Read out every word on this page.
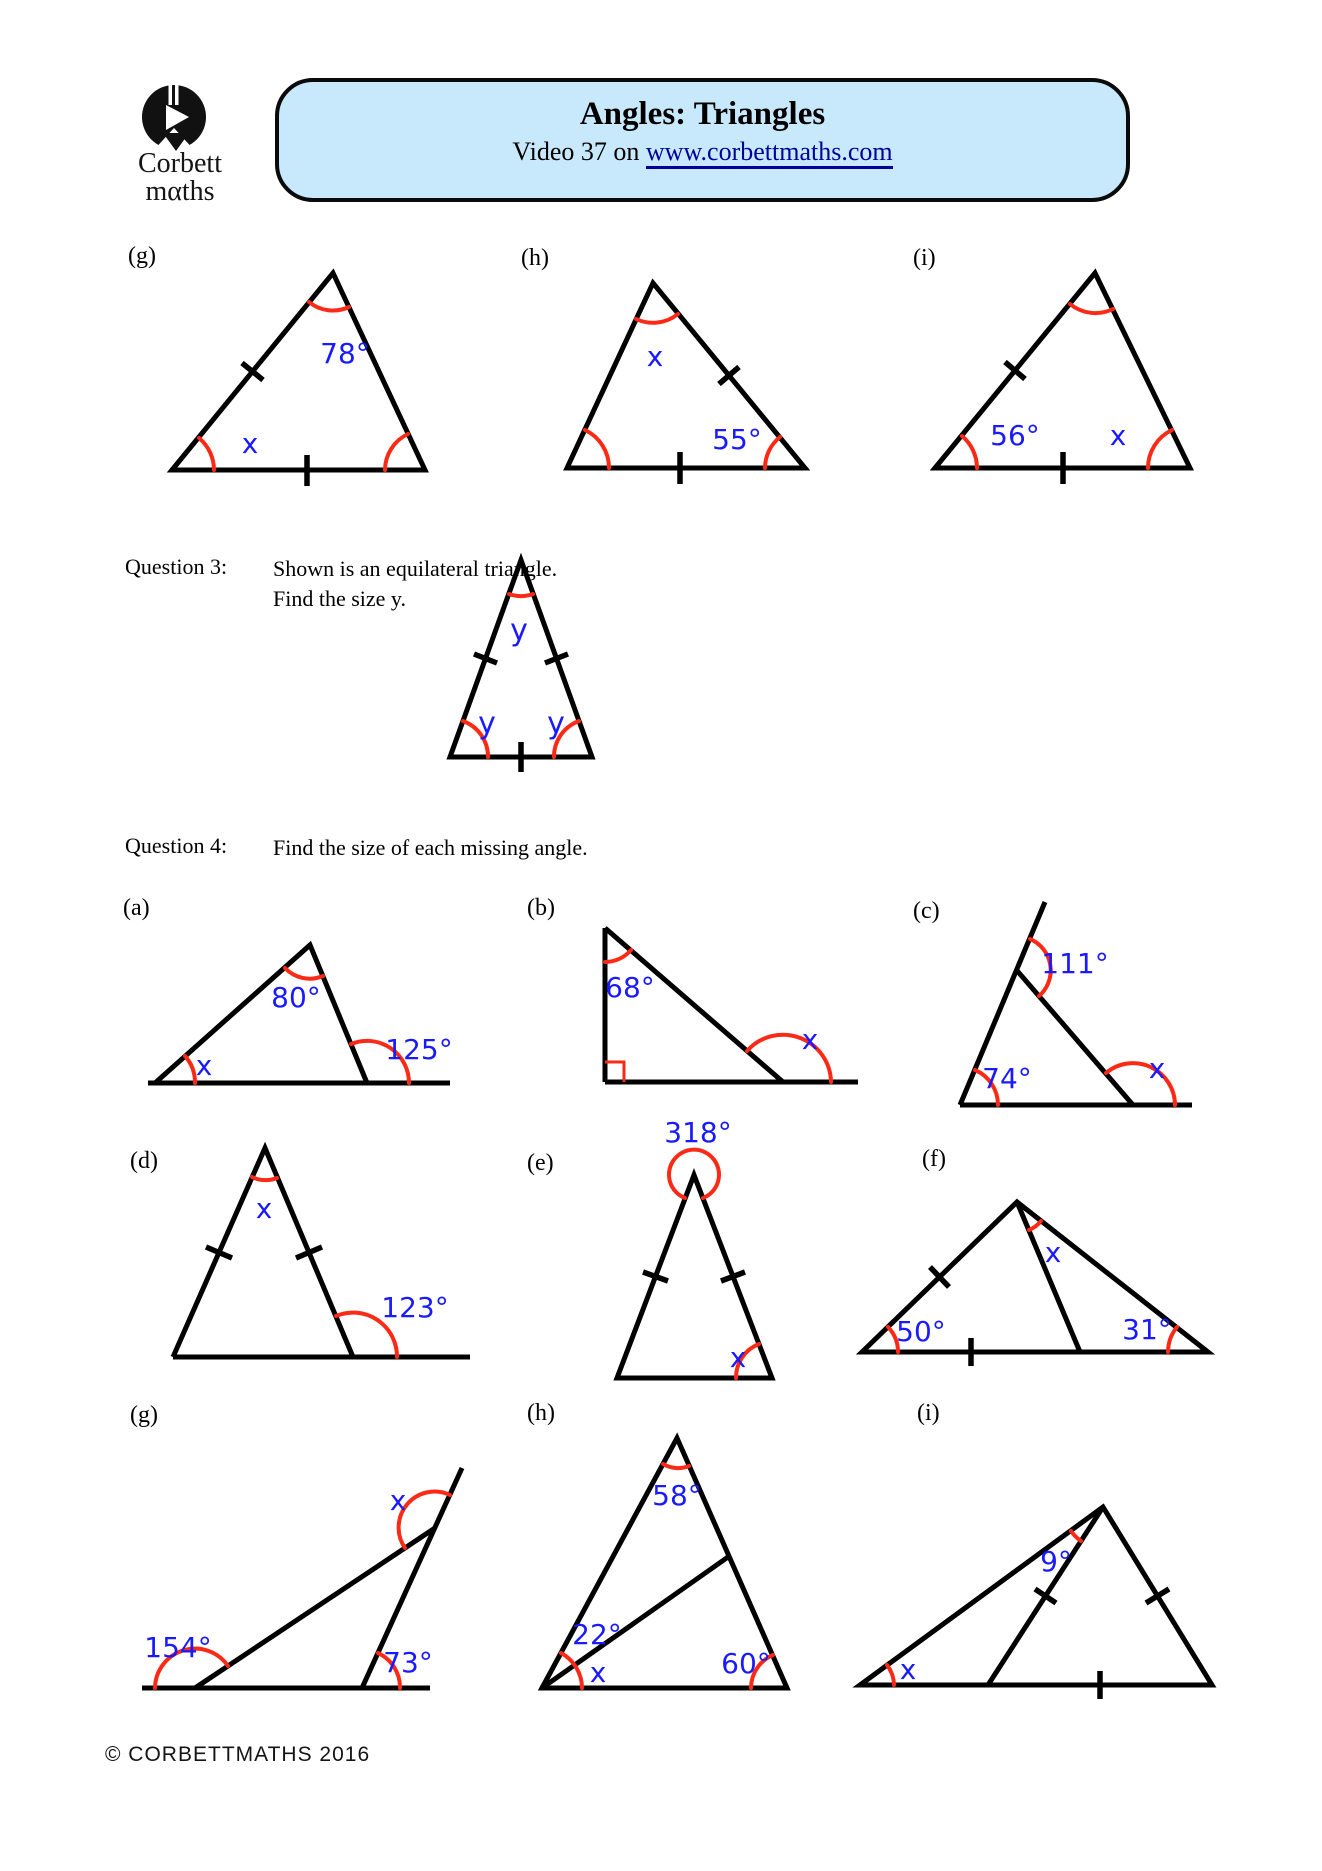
Angles: Triangles
Video 37 on www.corbettmaths.com
Question 3: Shown is an equilateral triangle.
Find the size y.
Question 4: Find the size of each missing angle.
(g)	(h)	(i)
(a)	(b)	(c)
(d)	(e)	(f)
(g)	(h)	(i)
© CORBETTMATHS 2016
Corbett
mαths
78°
x
x
55°	56° x
y
y y
80°
125°
x
68°
x
111°
74°	x
x
123°
318°
x
50°	31°
x
154°	73°
x	58°
22°
x	60°	x
9°
